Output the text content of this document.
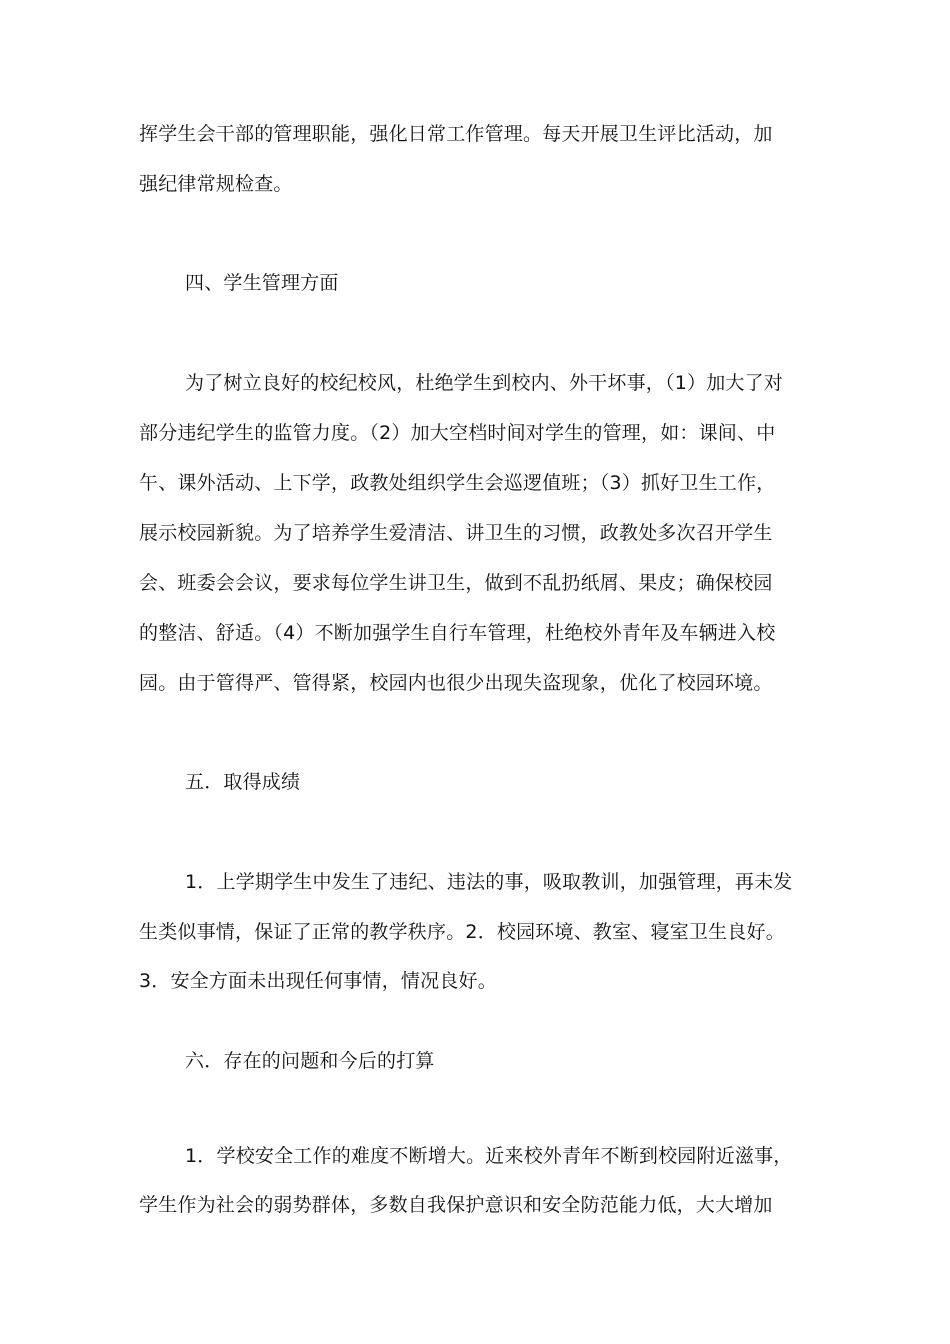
挥学生会干部的管理职能，强化日常工作管理。每天开展卫生评比活动，加
强纪律常规检查。
四、学生管理方面
为了树立良好的校纪校风，杜绝学生到校内、外干坏事，（1）加大了对
部分违纪学生的监管力度。（2）加大空档时间对学生的管理，如：课间、中
午、课外活动、上下学，政教处组织学生会巡逻值班；（3）抓好卫生工作，
展示校园新貌。为了培养学生爱清洁、讲卫生的习惯，政教处多次召开学生
会、班委会会议，要求每位学生讲卫生，做到不乱扔纸屑、果皮；确保校园
的整洁、舒适。（4）不断加强学生自行车管理，杜绝校外青年及车辆进入校
园。由于管得严、管得紧，校园内也很少出现失盗现象，优化了校园环境。
五．取得成绩
1．上学期学生中发生了违纪、违法的事，吸取教训，加强管理，再未发
生类似事情，保证了正常的教学秩序。2．校园环境、教室、寝室卫生良好。
3．安全方面未出现任何事情，情况良好。
六．存在的问题和今后的打算
1．学校安全工作的难度不断增大。近来校外青年不断到校园附近滋事，
学生作为社会的弱势群体，多数自我保护意识和安全防范能力低，大大增加
